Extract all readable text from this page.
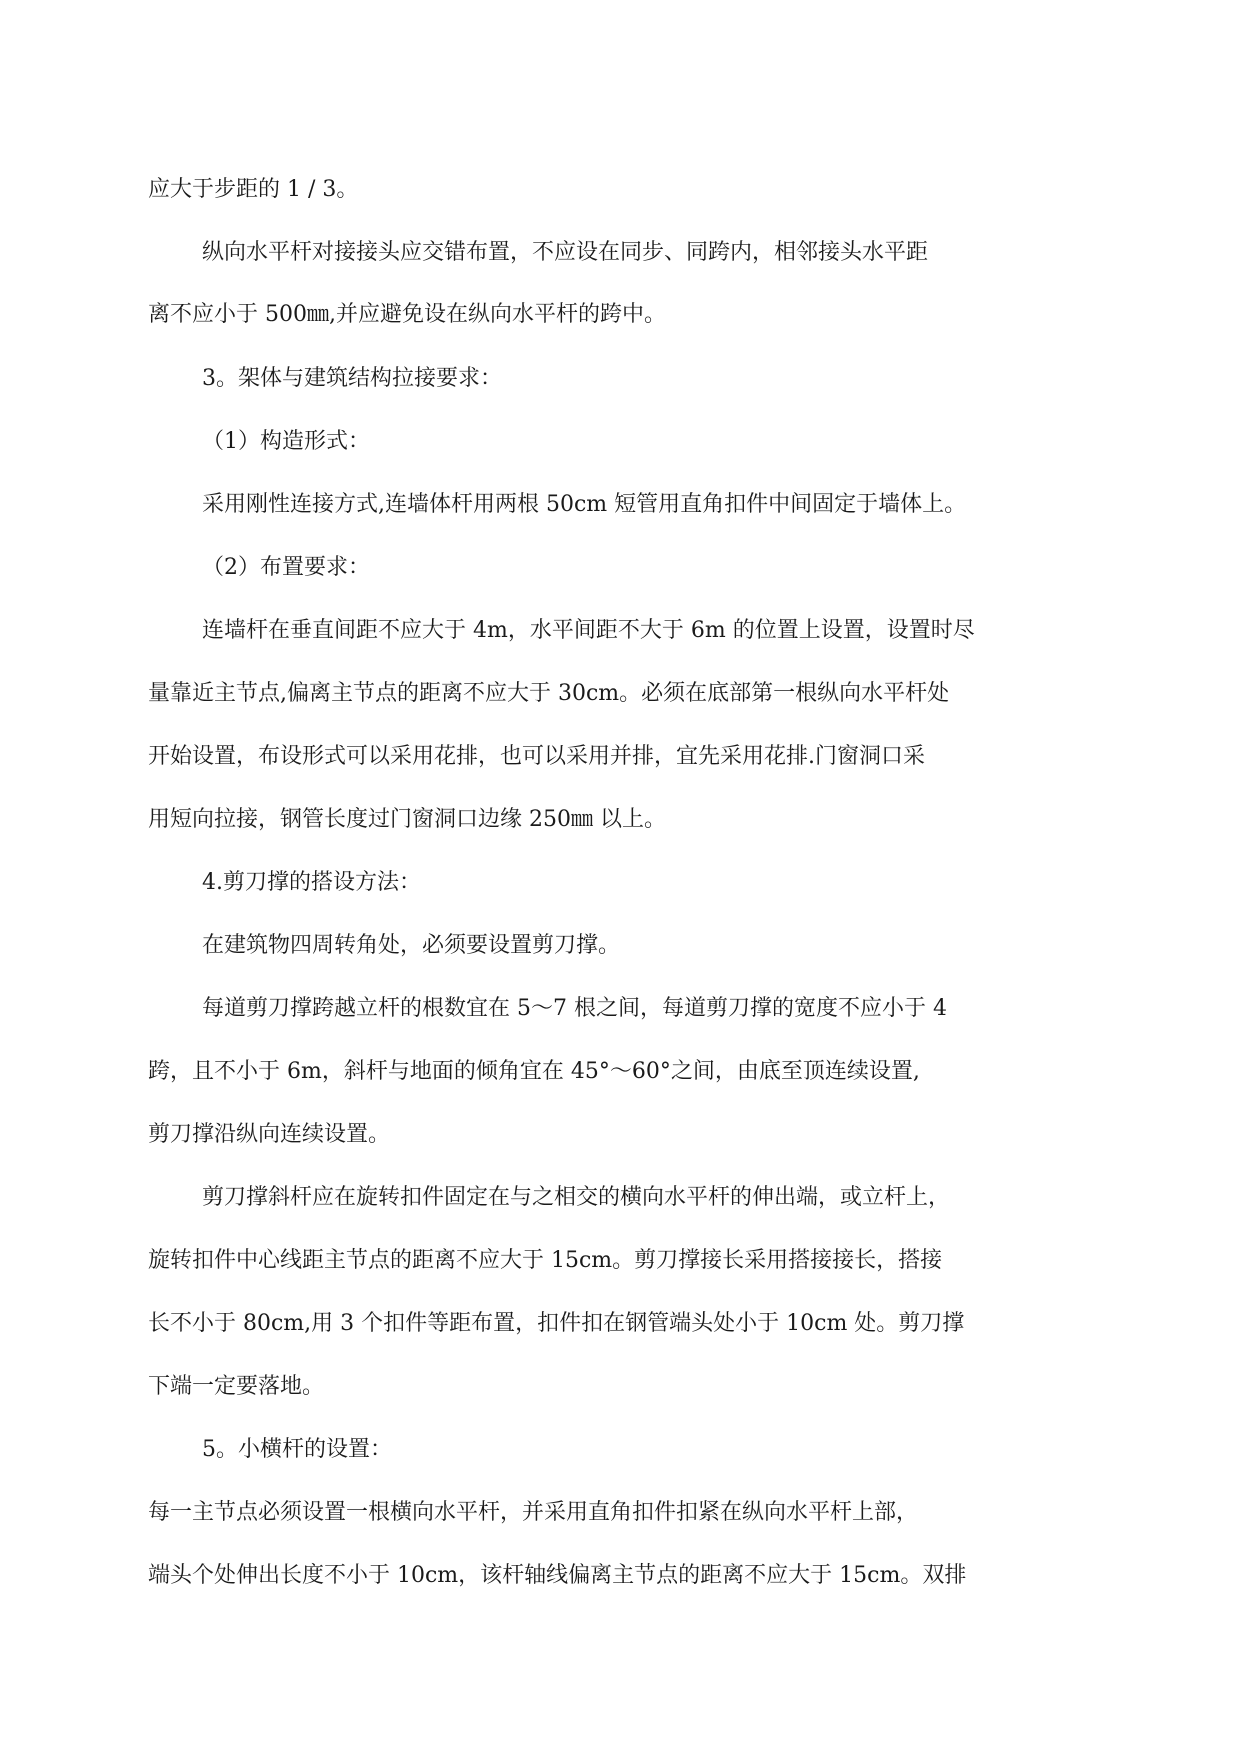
应大于步距的 1 / 3。

纵向水平杆对接接头应交错布置，不应设在同步、同跨内，相邻接头水平距

离不应小于 500㎜,并应避免设在纵向水平杆的跨中。

3。架体与建筑结构拉接要求：

（1）构造形式：

采用刚性连接方式,连墙体杆用两根 50cm 短管用直角扣件中间固定于墙体上。

（2）布置要求：

连墙杆在垂直间距不应大于 4m，水平间距不大于 6m 的位置上设置，设置时尽

量靠近主节点,偏离主节点的距离不应大于 30cm。必须在底部第一根纵向水平杆处

开始设置，布设形式可以采用花排，也可以采用并排，宜先采用花排.门窗洞口采

用短向拉接，钢管长度过门窗洞口边缘 250㎜ 以上。

4.剪刀撑的搭设方法：

在建筑物四周转角处，必须要设置剪刀撑。

每道剪刀撑跨越立杆的根数宜在 5～7 根之间，每道剪刀撑的宽度不应小于 4

跨，且不小于 6m，斜杆与地面的倾角宜在 45°～60°之间，由底至顶连续设置,

剪刀撑沿纵向连续设置。

剪刀撑斜杆应在旋转扣件固定在与之相交的横向水平杆的伸出端，或立杆上，

旋转扣件中心线距主节点的距离不应大于 15cm。剪刀撑接长采用搭接接长，搭接

长不小于 80cm,用 3 个扣件等距布置，扣件扣在钢管端头处小于 10cm 处。剪刀撑

下端一定要落地。

5。小横杆的设置：

每一主节点必须设置一根横向水平杆，并采用直角扣件扣紧在纵向水平杆上部，

端头个处伸出长度不小于 10cm，该杆轴线偏离主节点的距离不应大于 15cm。双排
